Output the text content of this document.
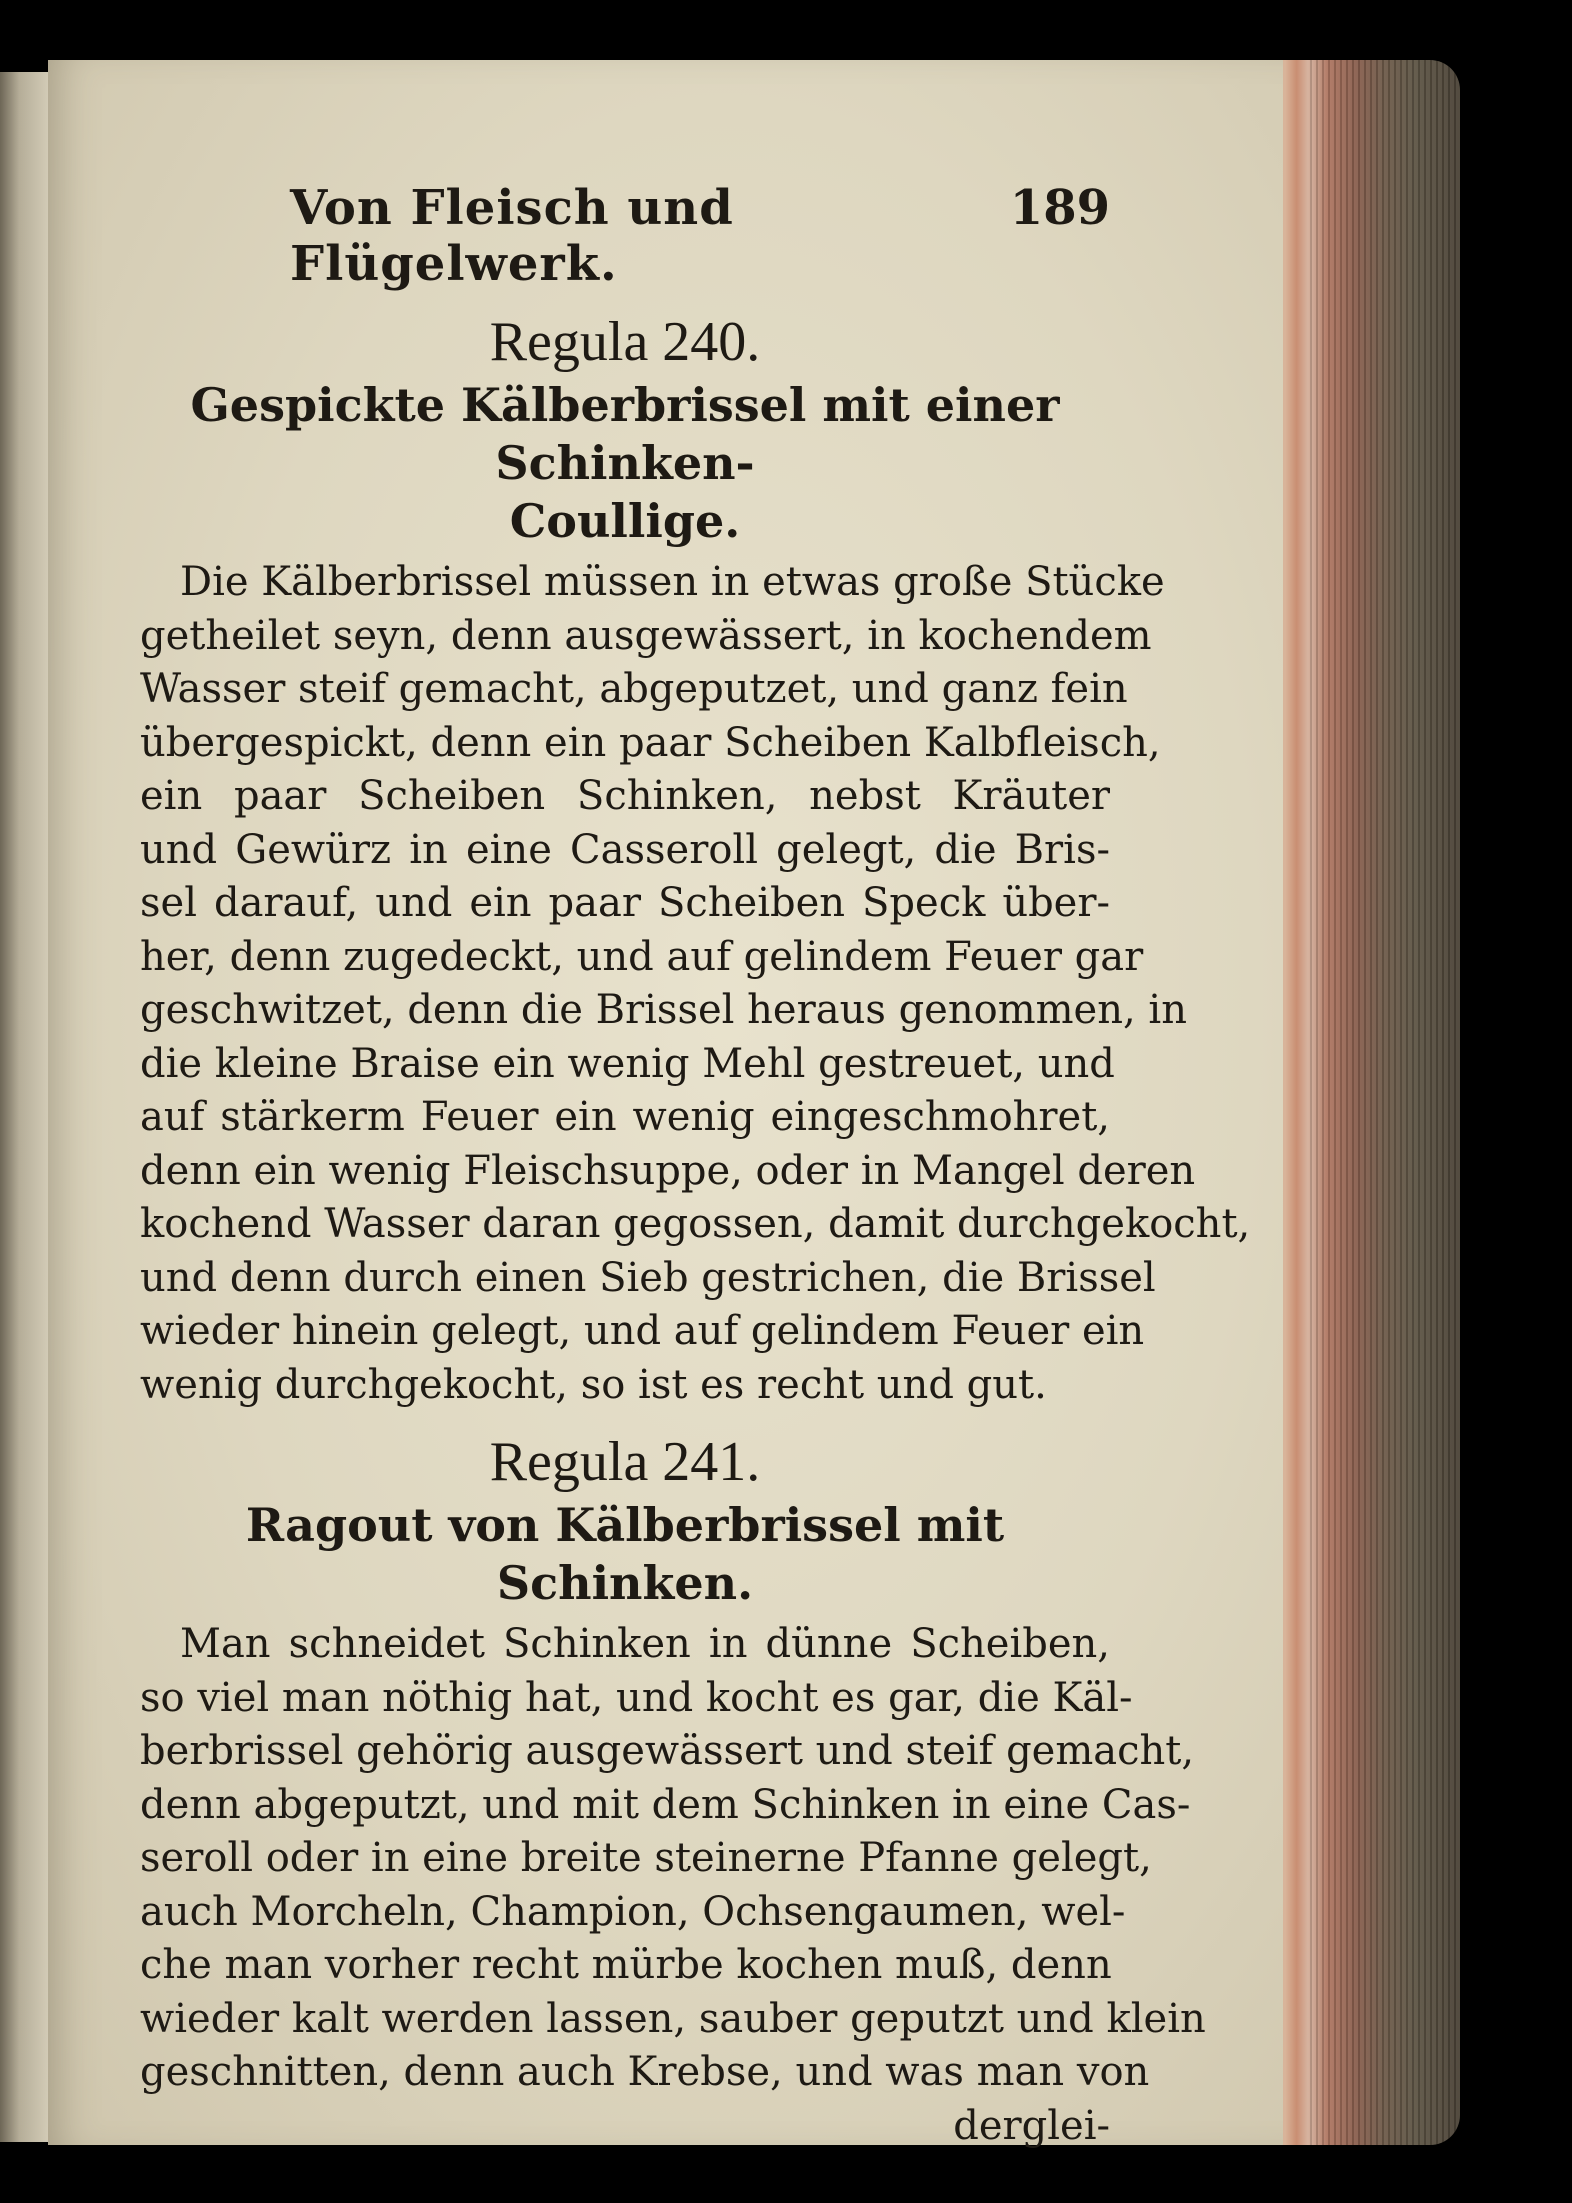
Von Fleisch und Flügelwerk.
189
Regula 240.
Gespickte Kälberbrissel mit einer Schinken-
Coullige.
Die Kälberbrissel müssen in etwas große Stücke
getheilet seyn, denn ausgewässert, in kochendem
Wasser steif gemacht, abgeputzet, und ganz fein
übergespickt, denn ein paar Scheiben Kalbfleisch,
ein paar Scheiben Schinken, nebst Kräuter
und Gewürz in eine Casseroll gelegt, die Bris-
sel darauf, und ein paar Scheiben Speck über-
her, denn zugedeckt, und auf gelindem Feuer gar
geschwitzet, denn die Brissel heraus genommen, in
die kleine Braise ein wenig Mehl gestreuet, und
auf stärkerm Feuer ein wenig eingeschmohret,
denn ein wenig Fleischsuppe, oder in Mangel deren
kochend Wasser daran gegossen, damit durchgekocht,
und denn durch einen Sieb gestrichen, die Brissel
wieder hinein gelegt, und auf gelindem Feuer ein
wenig durchgekocht, so ist es recht und gut.
Regula 241.
Ragout von Kälberbrissel mit Schinken.
Man schneidet Schinken in dünne Scheiben,
so viel man nöthig hat, und kocht es gar, die Käl-
berbrissel gehörig ausgewässert und steif gemacht,
denn abgeputzt, und mit dem Schinken in eine Cas-
seroll oder in eine breite steinerne Pfanne gelegt,
auch Morcheln, Champion, Ochsengaumen, wel-
che man vorher recht mürbe kochen muß, denn
wieder kalt werden lassen, sauber geputzt und klein
geschnitten, denn auch Krebse, und was man von
derglei-
